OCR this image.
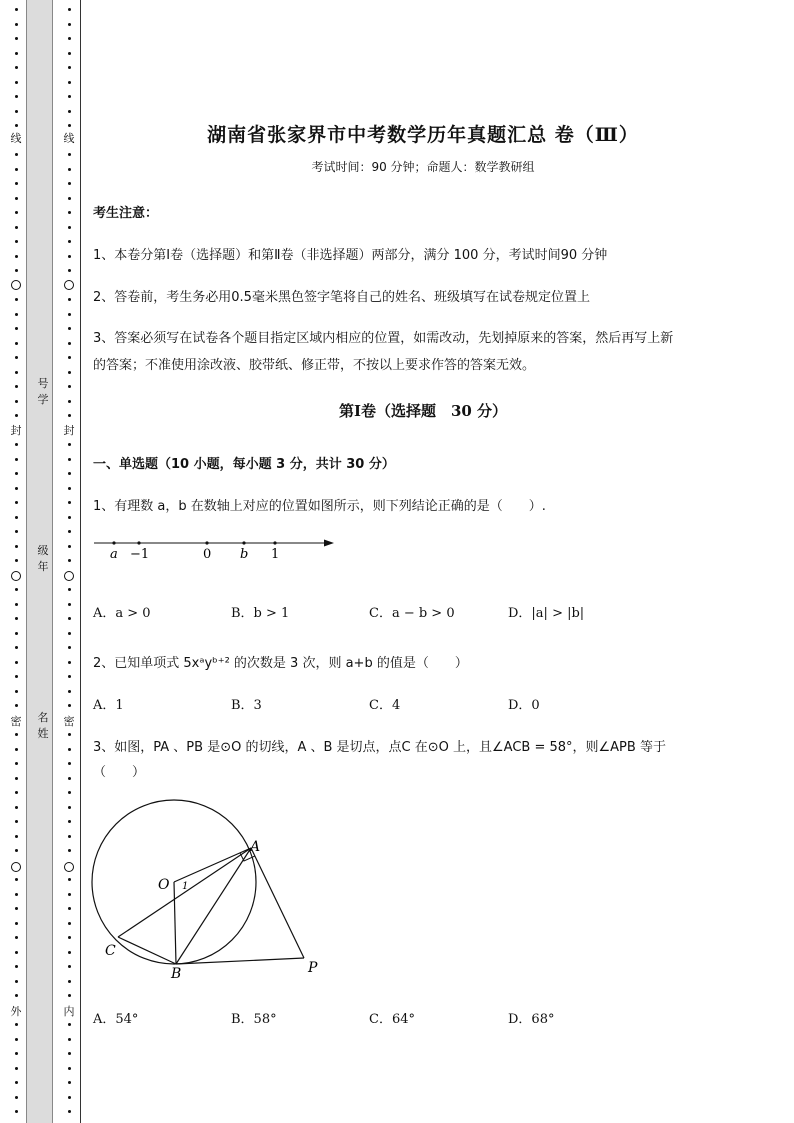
线
封
密
外
号
学
级
年
名
姓
线
封
密
内
湖南省张家界市中考数学历年真题汇总 卷（Ⅲ）
考试时间：90 分钟；命题人：数学教研组
考生注意：
1、本卷分第Ⅰ卷（选择题）和第Ⅱ卷（非选择题）两部分，满分 100 分，考试时间90 分钟
2、答卷前，考生务必用0.5毫米黑色签字笔将自己的姓名、班级填写在试卷规定位置上
3、答案必须写在试卷各个题目指定区域内相应的位置，如需改动，先划掉原来的答案，然后再写上新
的答案；不准使用涂改液、胶带纸、修正带，不按以上要求作答的答案无效。
第Ⅰ卷（选择题　30 分）
一、单选题（10 小题，每小题 3 分，共计 30 分）
1、有理数 a，b 在数轴上对应的位置如图所示，则下列结论正确的是（　　）.
a −1	0 b 1
A．a > 0	B．b > 1	C．a − b > 0	D．|a| > |b|
2、已知单项式 5xᵃyᵇ⁺² 的次数是 3 次，则 a+b 的值是（　　）
A．1	B．3	C．4	D．0
3、如图，PA 、PB 是⊙O 的切线，A 、B 是切点，点C 在⊙O 上，且∠ACB = 58°，则∠APB 等于
（　　）
A
O 1
C
B	P
A．54°	B．58°	C．64°	D．68°
